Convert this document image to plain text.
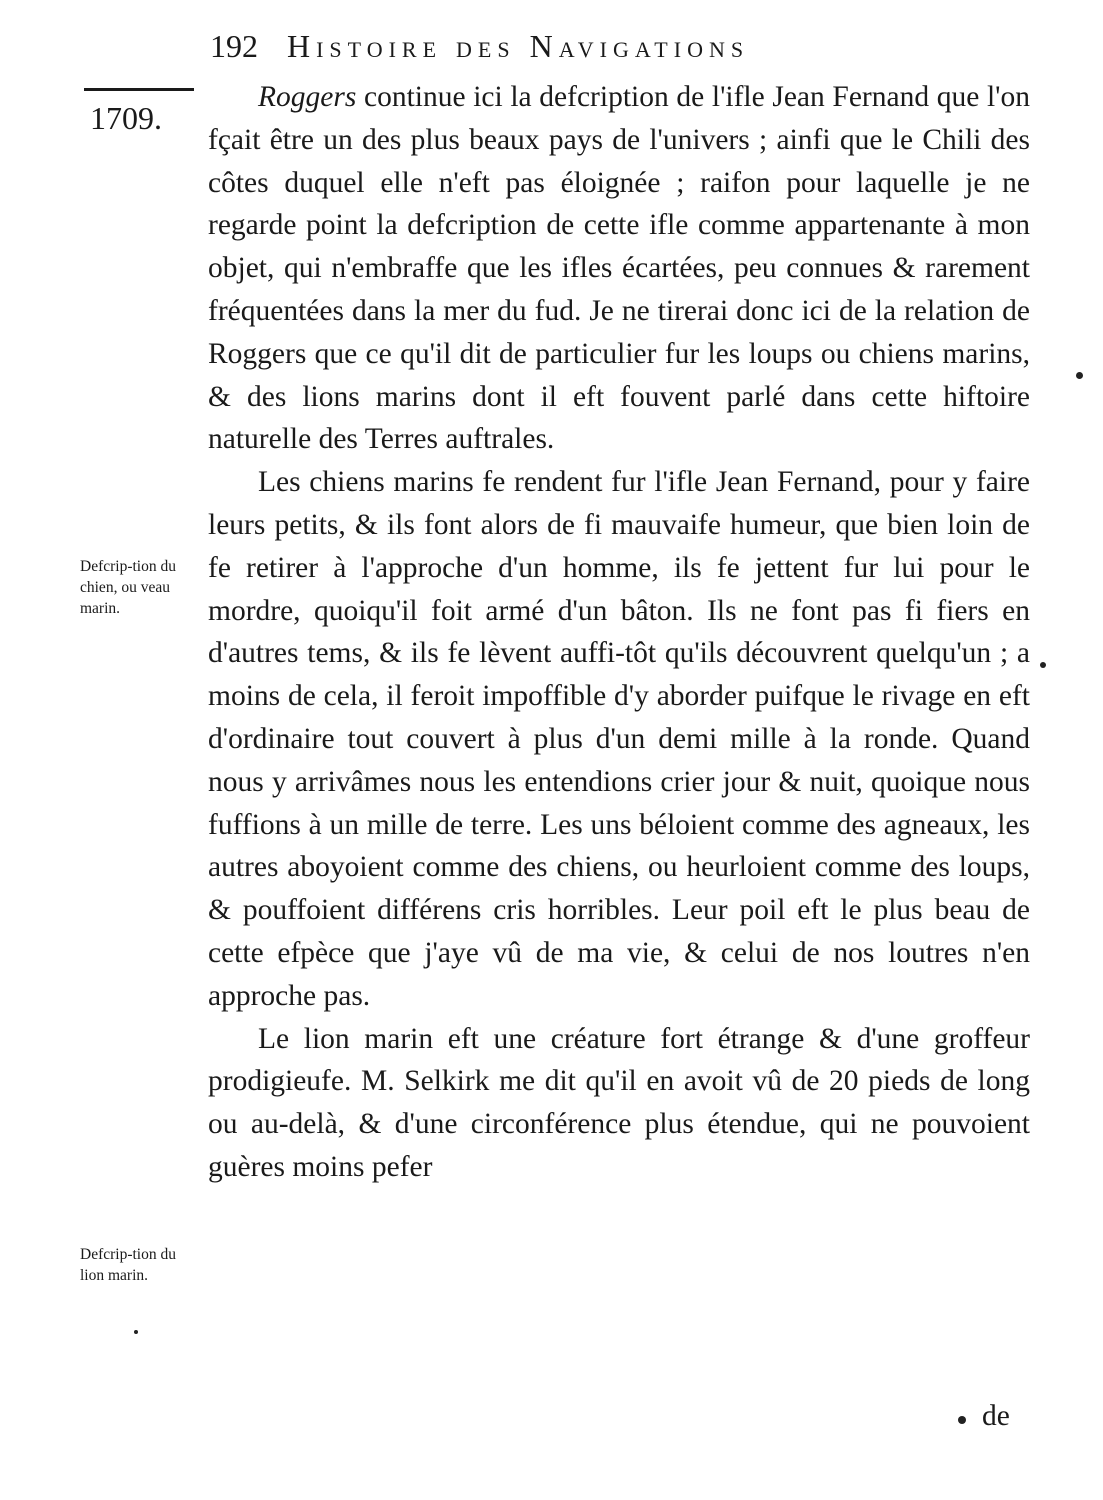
192 Histoire des Navigations
1709.
Defcrip-tion du chien, ou veau marin.
Defcrip-tion du lion marin.

Roggers continue ici la defcription de l'ifle Jean Fernand que l'on fçait être un des plus beaux pays de l'univers ; ainfi que le Chili des côtes duquel elle n'eft pas éloignée ; raifon pour laquelle je ne regarde point la defcription de cette ifle comme appartenante à mon objet, qui n'embraffe que les ifles écartées, peu connues & rarement fréquentées dans la mer du fud. Je ne tirerai donc ici de la relation de Roggers que ce qu'il dit de particulier fur les loups ou chiens marins, & des lions marins dont il eft fouvent parlé dans cette hiftoire naturelle des Terres auftrales.

Les chiens marins fe rendent fur l'ifle Jean Fernand, pour y faire leurs petits, & ils font alors de fi mauvaife humeur, que bien loin de fe retirer à l'approche d'un homme, ils fe jettent fur lui pour le mordre, quoiqu'il foit armé d'un bâton. Ils ne font pas fi fiers en d'autres tems, & ils fe lèvent auffi-tôt qu'ils découvrent quelqu'un ; a moins de cela, il feroit impoffible d'y aborder puifque le rivage en eft d'ordinaire tout couvert à plus d'un demi mille à la ronde. Quand nous y arrivâmes nous les entendions crier jour & nuit, quoique nous fuffions à un mille de terre. Les uns béloient comme des agneaux, les autres aboyoient comme des chiens, ou heurloient comme des loups, & pouffoient différens cris horribles. Leur poil eft le plus beau de cette efpèce que j'aye vû de ma vie, & celui de nos loutres n'en approche pas.

Le lion marin eft une créature fort étrange & d'une groffeur prodigieufe. M. Selkirk me dit qu'il en avoit vû de 20 pieds de long ou au-delà, & d'une circonférence plus étendue, qui ne pouvoient guères moins pefer

de
